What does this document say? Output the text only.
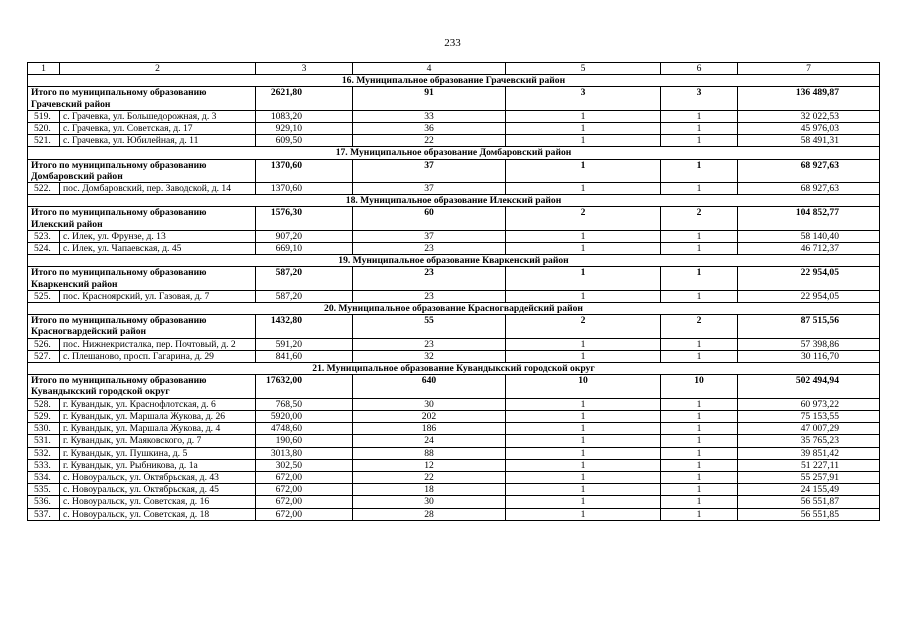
233
1	2	3	4	5	6	7
16. Муниципальное образование Грачевский район						
Итого по муниципальному образованию Грачевский район		2621,80	91	3	3	136 489,87
519.	с. Грачевка, ул. Большедорожная, д. 3	1083,20	33	1	1	32 022,53
520.	с. Грачевка, ул. Советская, д. 17	929,10	36	1	1	45 976,03
521.	с. Грачевка, ул. Юбилейная, д. 11	609,50	22	1	1	58 491,31
17. Муниципальное образование Домбаровский район						
Итого по муниципальному образованию Домбаровский район		1370,60	37	1	1	68 927,63
522.	пос. Домбаровский, пер. Заводской, д. 14	1370,60	37	1	1	68 927,63
18. Муниципальное образование Илекский район						
Итого по муниципальному образованию Илекский район		1576,30	60	2	2	104 852,77
523.	с. Илек, ул. Фрунзе, д. 13	907,20	37	1	1	58 140,40
524.	с. Илек, ул. Чапаевская, д. 45	669,10	23	1	1	46 712,37
19. Муниципальное образование Кваркенский район						
Итого по муниципальному образованию Кваркенский район		587,20	23	1	1	22 954,05
525.	пос. Красноярский, ул. Газовая, д. 7	587,20	23	1	1	22 954,05
20. Муниципальное образование Красногвардейский район						
Итого по муниципальному образованию Красногвардейский район		1432,80	55	2	2	87 515,56
526.	пос. Нижнекристалка, пер. Почтовый, д. 2	591,20	23	1	1	57 398,86
527.	с. Плешаново, просп. Гагарина, д. 29	841,60	32	1	1	30 116,70
21. Муниципальное образование Кувандыкский городской округ						
Итого по муниципальному образованию Кувандыкский городской округ		17632,00	640	10	10	502 494,94
528.	г. Кувандык, ул. Краснофлотская, д. 6	768,50	30	1	1	60 973,22
529.	г. Кувандык, ул. Маршала Жукова, д. 26	5920,00	202	1	1	75 153,55
530.	г. Кувандык, ул. Маршала Жукова, д. 4	4748,60	186	1	1	47 007,29
531.	г. Кувандык, ул. Маяковского, д. 7	190,60	24	1	1	35 765,23
532.	г. Кувандык, ул. Пушкина, д. 5	3013,80	88	1	1	39 851,42
533.	г. Кувандык, ул. Рыбникова, д. 1а	302,50	12	1	1	51 227,11
534.	с. Новоуральск, ул. Октябрьская, д. 43	672,00	22	1	1	55 257,91
535.	с. Новоуральск, ул. Октябрьская, д. 45	672,00	18	1	1	24 155,49
536.	с. Новоуральск, ул. Советская, д. 16	672,00	30	1	1	56 551,87
537.	с. Новоуральск, ул. Советская, д. 18	672,00	28	1	1	56 551,85
